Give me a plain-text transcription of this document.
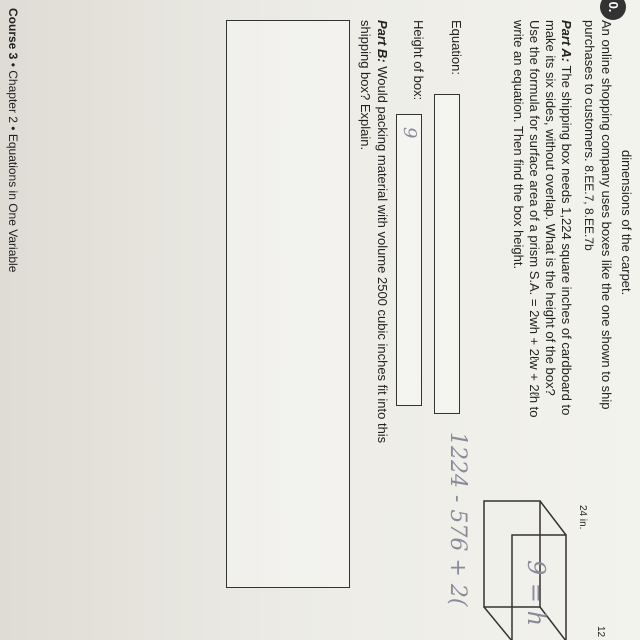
dimensions of the carpet.
0.
An online shopping company uses boxes like the one shown to ship
purchases to customers. 8.EE.7, 8.EE.7b
Part A: The shipping box needs 1,224 square inches of cardboard to
make its six sides, without overlap. What is the height of the box?
Use the formula for surface area of a prism S.A. = 2wh + 2ℓw + 2ℓh to
write an equation. Then find the box height.
24 in.
12
Equation:
Height of box:
9
1224 - 576 + 2( 9 = h
Part B: Would packing material with volume 2500 cubic inches fit into this
shipping box? Explain.
Course 3 • Chapter 2 • Equations in One Variable
